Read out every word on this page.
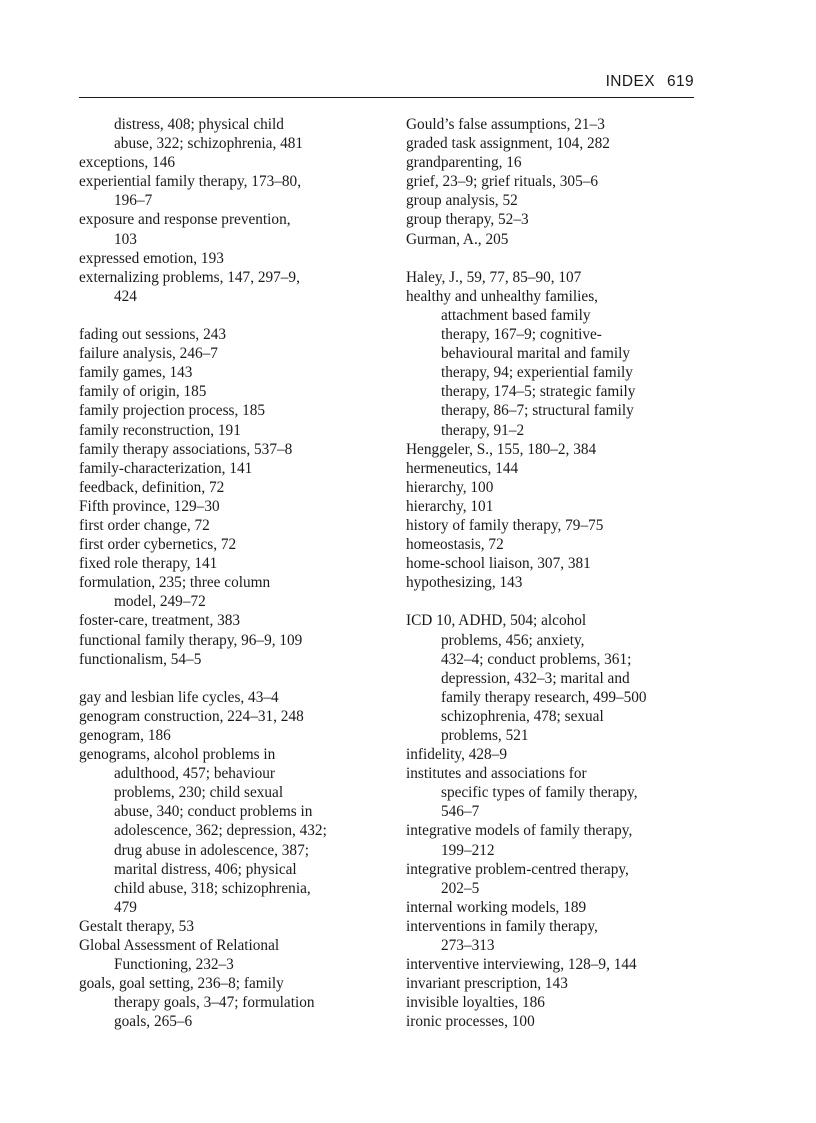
INDEX 619
distress, 408; physical child
abuse, 322; schizophrenia, 481
exceptions, 146
experiential family therapy, 173–80,
196–7
exposure and response prevention,
103
expressed emotion, 193
externalizing problems, 147, 297–9,
424
fading out sessions, 243
failure analysis, 246–7
family games, 143
family of origin, 185
family projection process, 185
family reconstruction, 191
family therapy associations, 537–8
family-characterization, 141
feedback, definition, 72
Fifth province, 129–30
first order change, 72
first order cybernetics, 72
fixed role therapy, 141
formulation, 235; three column
model, 249–72
foster-care, treatment, 383
functional family therapy, 96–9, 109
functionalism, 54–5
gay and lesbian life cycles, 43–4
genogram construction, 224–31, 248
genogram, 186
genograms, alcohol problems in
adulthood, 457; behaviour
problems, 230; child sexual
abuse, 340; conduct problems in
adolescence, 362; depression, 432;
drug abuse in adolescence, 387;
marital distress, 406; physical
child abuse, 318; schizophrenia,
479
Gestalt therapy, 53
Global Assessment of Relational
Functioning, 232–3
goals, goal setting, 236–8; family
therapy goals, 3–47; formulation
goals, 265–6
Gould’s false assumptions, 21–3
graded task assignment, 104, 282
grandparenting, 16
grief, 23–9; grief rituals, 305–6
group analysis, 52
group therapy, 52–3
Gurman, A., 205
Haley, J., 59, 77, 85–90, 107
healthy and unhealthy families,
attachment based family
therapy, 167–9; cognitive-
behavioural marital and family
therapy, 94; experiential family
therapy, 174–5; strategic family
therapy, 86–7; structural family
therapy, 91–2
Henggeler, S., 155, 180–2, 384
hermeneutics, 144
hierarchy, 100
hierarchy, 101
history of family therapy, 79–75
homeostasis, 72
home-school liaison, 307, 381
hypothesizing, 143
ICD 10, ADHD, 504; alcohol
problems, 456; anxiety,
432–4; conduct problems, 361;
depression, 432–3; marital and
family therapy research, 499–500
schizophrenia, 478; sexual
problems, 521
infidelity, 428–9
institutes and associations for
specific types of family therapy,
546–7
integrative models of family therapy,
199–212
integrative problem-centred therapy,
202–5
internal working models, 189
interventions in family therapy,
273–313
interventive interviewing, 128–9, 144
invariant prescription, 143
invisible loyalties, 186
ironic processes, 100
